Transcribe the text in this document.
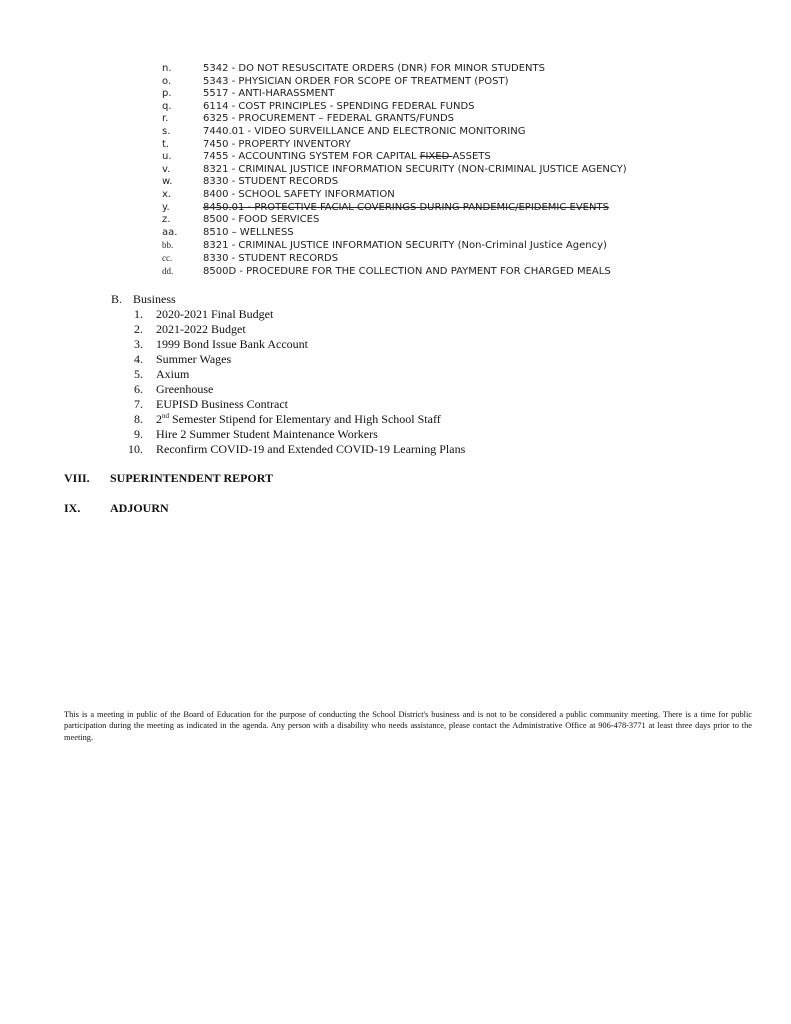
n.	5342 - DO NOT RESUSCITATE ORDERS (DNR) FOR MINOR STUDENTS
o.	5343 - PHYSICIAN ORDER FOR SCOPE OF TREATMENT (POST)
p.	5517 - ANTI-HARASSMENT
q.	6114 - COST PRINCIPLES - SPENDING FEDERAL FUNDS
r.	6325 - PROCUREMENT – FEDERAL GRANTS/FUNDS
s.	7440.01 - VIDEO SURVEILLANCE AND ELECTRONIC MONITORING
t.	7450 - PROPERTY INVENTORY
u.	7455 - ACCOUNTING SYSTEM FOR CAPITAL FIXED ASSETS
v.	8321 - CRIMINAL JUSTICE INFORMATION SECURITY (NON-CRIMINAL JUSTICE AGENCY)
w.	8330 - STUDENT RECORDS
x.	8400 - SCHOOL SAFETY INFORMATION
y.	8450.01 - PROTECTIVE FACIAL COVERINGS DURING PANDEMIC/EPIDEMIC EVENTS
z.	8500 - FOOD SERVICES
aa.	8510 – WELLNESS
bb.	8321 - CRIMINAL JUSTICE INFORMATION SECURITY (Non-Criminal Justice Agency)
cc.	8330 - STUDENT RECORDS
dd.	8500D - PROCEDURE FOR THE COLLECTION AND PAYMENT FOR CHARGED MEALS
B. Business
1. 2020-2021 Final Budget
2. 2021-2022 Budget
3. 1999 Bond Issue Bank Account
4. Summer Wages
5. Axium
6. Greenhouse
7. EUPISD Business Contract
8. 2nd Semester Stipend for Elementary and High School Staff
9. Hire 2 Summer Student Maintenance Workers
10. Reconfirm COVID-19 and Extended COVID-19 Learning Plans
VIII. SUPERINTENDENT REPORT
IX. ADJOURN
This is a meeting in public of the Board of Education for the purpose of conducting the School District's business and is not to be considered a public community meeting. There is a time for public participation during the meeting as indicated in the agenda. Any person with a disability who needs assistance, please contact the Administrative Office at 906-478-3771 at least three days prior to the meeting.
